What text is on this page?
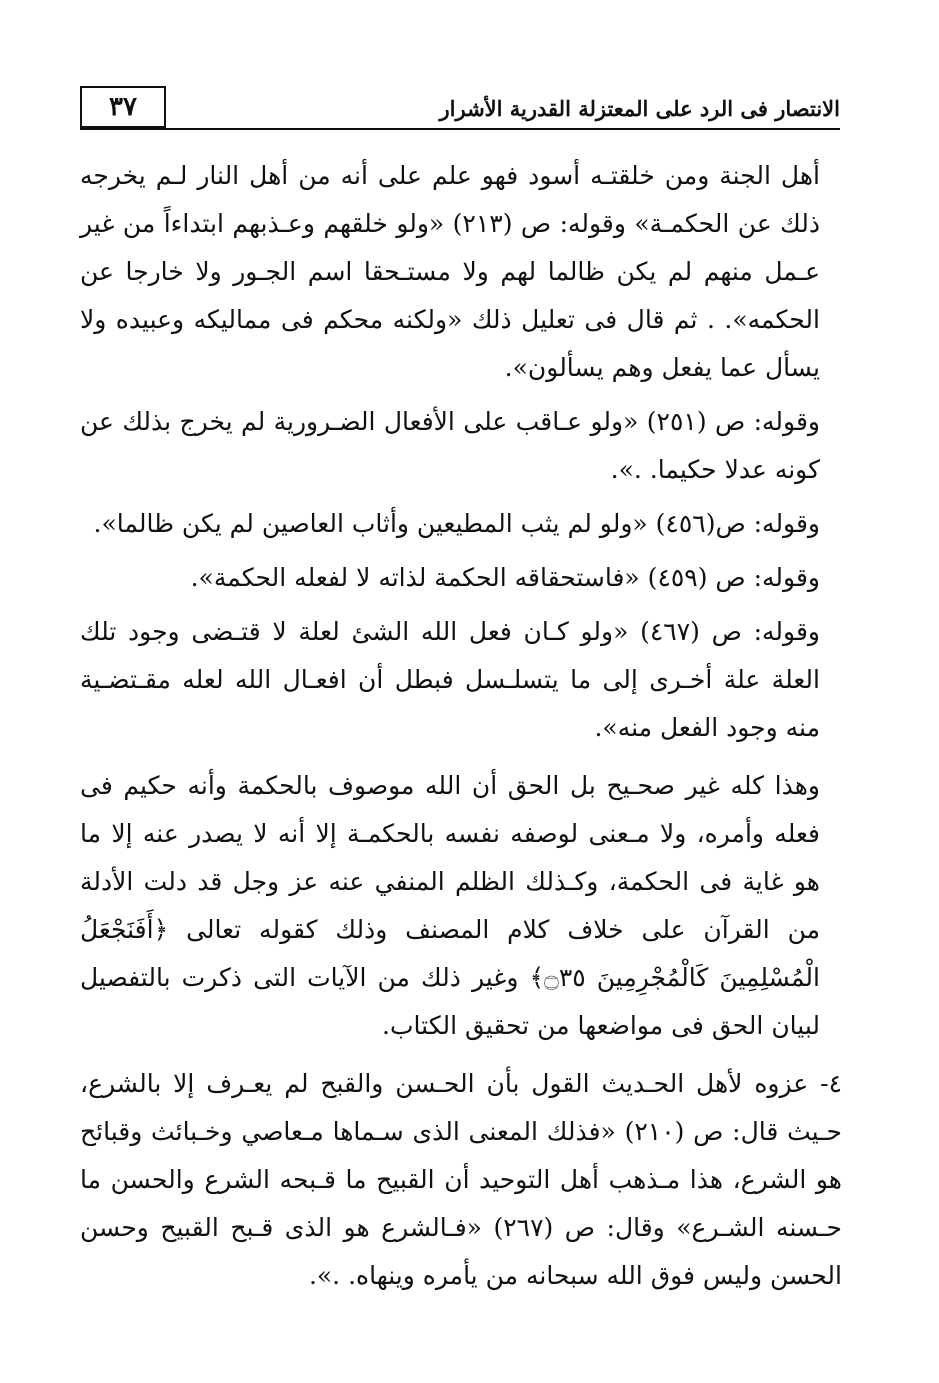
٣٧	الانتصار فى الرد على المعتزلة القدرية الأشرار

أهل الجنة ومن خلقتـه أسود فهو علم على أنه من أهل النار لـم يخرجه ذلك عن الحكمـة» وقوله: ص (٢١٣) «ولو خلقهم وعـذبهم ابتداءاً من غير عـمل منهم لم يكن ظالما لهم ولا مستـحقا اسم الجـور ولا خارجا عن الحكمه». . ثم قال فى تعليل ذلك «ولكنه محكم فى مماليكه وعبيده ولا يسأل عما يفعل وهم يسألون».

وقوله: ص (٢٥١) «ولو عـاقب على الأفعال الضـرورية لم يخرج بذلك عن كونه عدلا حكيما. .».

وقوله: ص(٤٥٦) «ولو لم يثب المطيعين وأثاب العاصين لم يكن ظالما».

وقوله: ص (٤٥٩) «فاستحقاقه الحكمة لذاته لا لفعله الحكمة».

وقوله: ص (٤٦٧) «ولو كـان فعل الله الشئ لعلة لا قتـضى وجود تلك العلة علة أخـرى إلى ما يتسلـسل فبطل أن افعـال الله لعله مقـتضـية منه وجود الفعل منه».

وهذا كله غير صحـيح بل الحق أن الله موصوف بالحكمة وأنه حكيم فى فعله وأمره، ولا مـعنى لوصفه نفسه بالحكمـة إلا أنه لا يصدر عنه إلا ما هو غاية فى الحكمة، وكـذلك الظلم المنفي عنه عز وجل قد دلت الأدلة من القرآن على خلاف كلام المصنف وذلك كقوله تعالى ﴿أَفَنَجْعَلُ الْمُسْلِمِينَ كَالْمُجْرِمِينَ ۝٣٥﴾ وغير ذلك من الآيات التى ذكرت بالتفصيل لبيان الحق فى مواضعها من تحقيق الكتاب.

٤- عزوه لأهل الحـديث القول بأن الحـسن والقبح لم يعـرف إلا بالشرع، حـيث قال: ص (٢١٠) «فذلك المعنى الذى سـماها مـعاصي وخـبائث وقبائح هو الشرع، هذا مـذهب أهل التوحيد أن القبيح ما قـبحه الشرع والحسن ما حـسنه الشـرع» وقال: ص (٢٦٧) «فـالشرع هو الذى قـبح القبيح وحسن الحسن وليس فوق الله سبحانه من يأمره وينهاه. .».
